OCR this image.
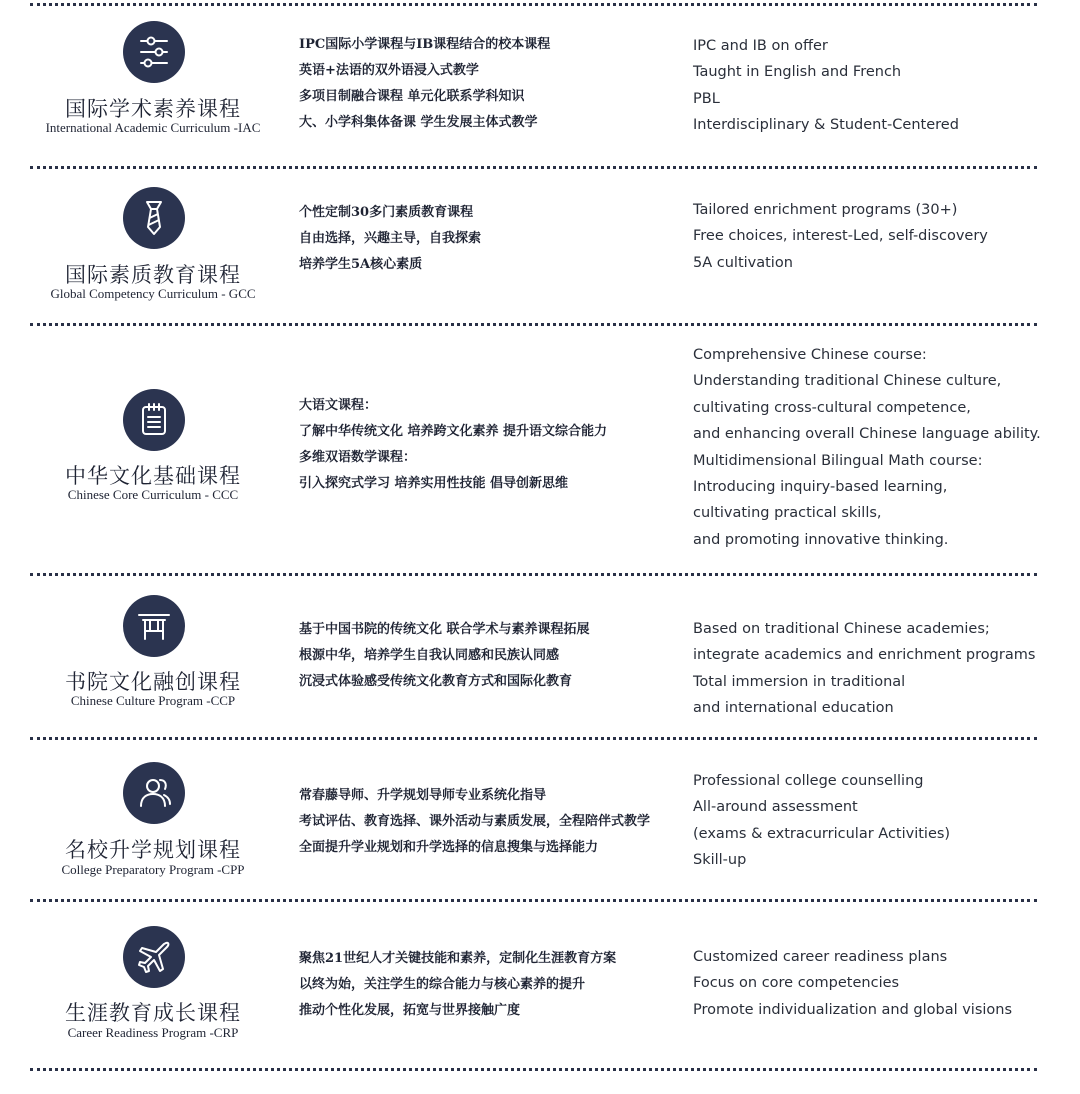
国际学术素养课程
International Academic Curriculum -IAC
IPC国际小学课程与IB课程结合的校本课程
英语+法语的双外语浸入式教学
多项目制融合课程 单元化联系学科知识
大、小学科集体备课 学生发展主体式教学
IPC and IB on offer
Taught in English and French
PBL
Interdisciplinary & Student-Centered
国际素质教育课程
Global Competency Curriculum - GCC
个性定制30多门素质教育课程
自由选择，兴趣主导，自我探索
培养学生5A核心素质
Tailored enrichment programs (30+)
Free choices, interest-Led, self-discovery
5A cultivation
中华文化基础课程
Chinese Core Curriculum - CCC
大语文课程：
了解中华传统文化 培养跨文化素养 提升语文综合能力
多维双语数学课程：
引入探究式学习 培养实用性技能 倡导创新思维
Comprehensive Chinese course:
Understanding traditional Chinese culture,
cultivating cross-cultural competence,
and enhancing overall Chinese language ability.
Multidimensional Bilingual Math course:
Introducing inquiry-based learning,
cultivating practical skills,
and promoting innovative thinking.
书院文化融创课程
Chinese Culture Program -CCP
基于中国书院的传统文化 联合学术与素养课程拓展
根源中华，培养学生自我认同感和民族认同感
沉浸式体验感受传统文化教育方式和国际化教育
Based on traditional Chinese academies;
integrate academics and enrichment programs
Total immersion in traditional
and international education
名校升学规划课程
College Preparatory Program -CPP
常春藤导师、升学规划导师专业系统化指导
考试评估、教育选择、课外活动与素质发展，全程陪伴式教学
全面提升学业规划和升学选择的信息搜集与选择能力
Professional college counselling
All-around assessment
(exams & extracurricular Activities)
Skill-up
生涯教育成长课程
Career Readiness Program -CRP
聚焦21世纪人才关键技能和素养，定制化生涯教育方案
以终为始，关注学生的综合能力与核心素养的提升
推动个性化发展，拓宽与世界接触广度
Customized career readiness plans
Focus on core competencies
Promote individualization and global visions
